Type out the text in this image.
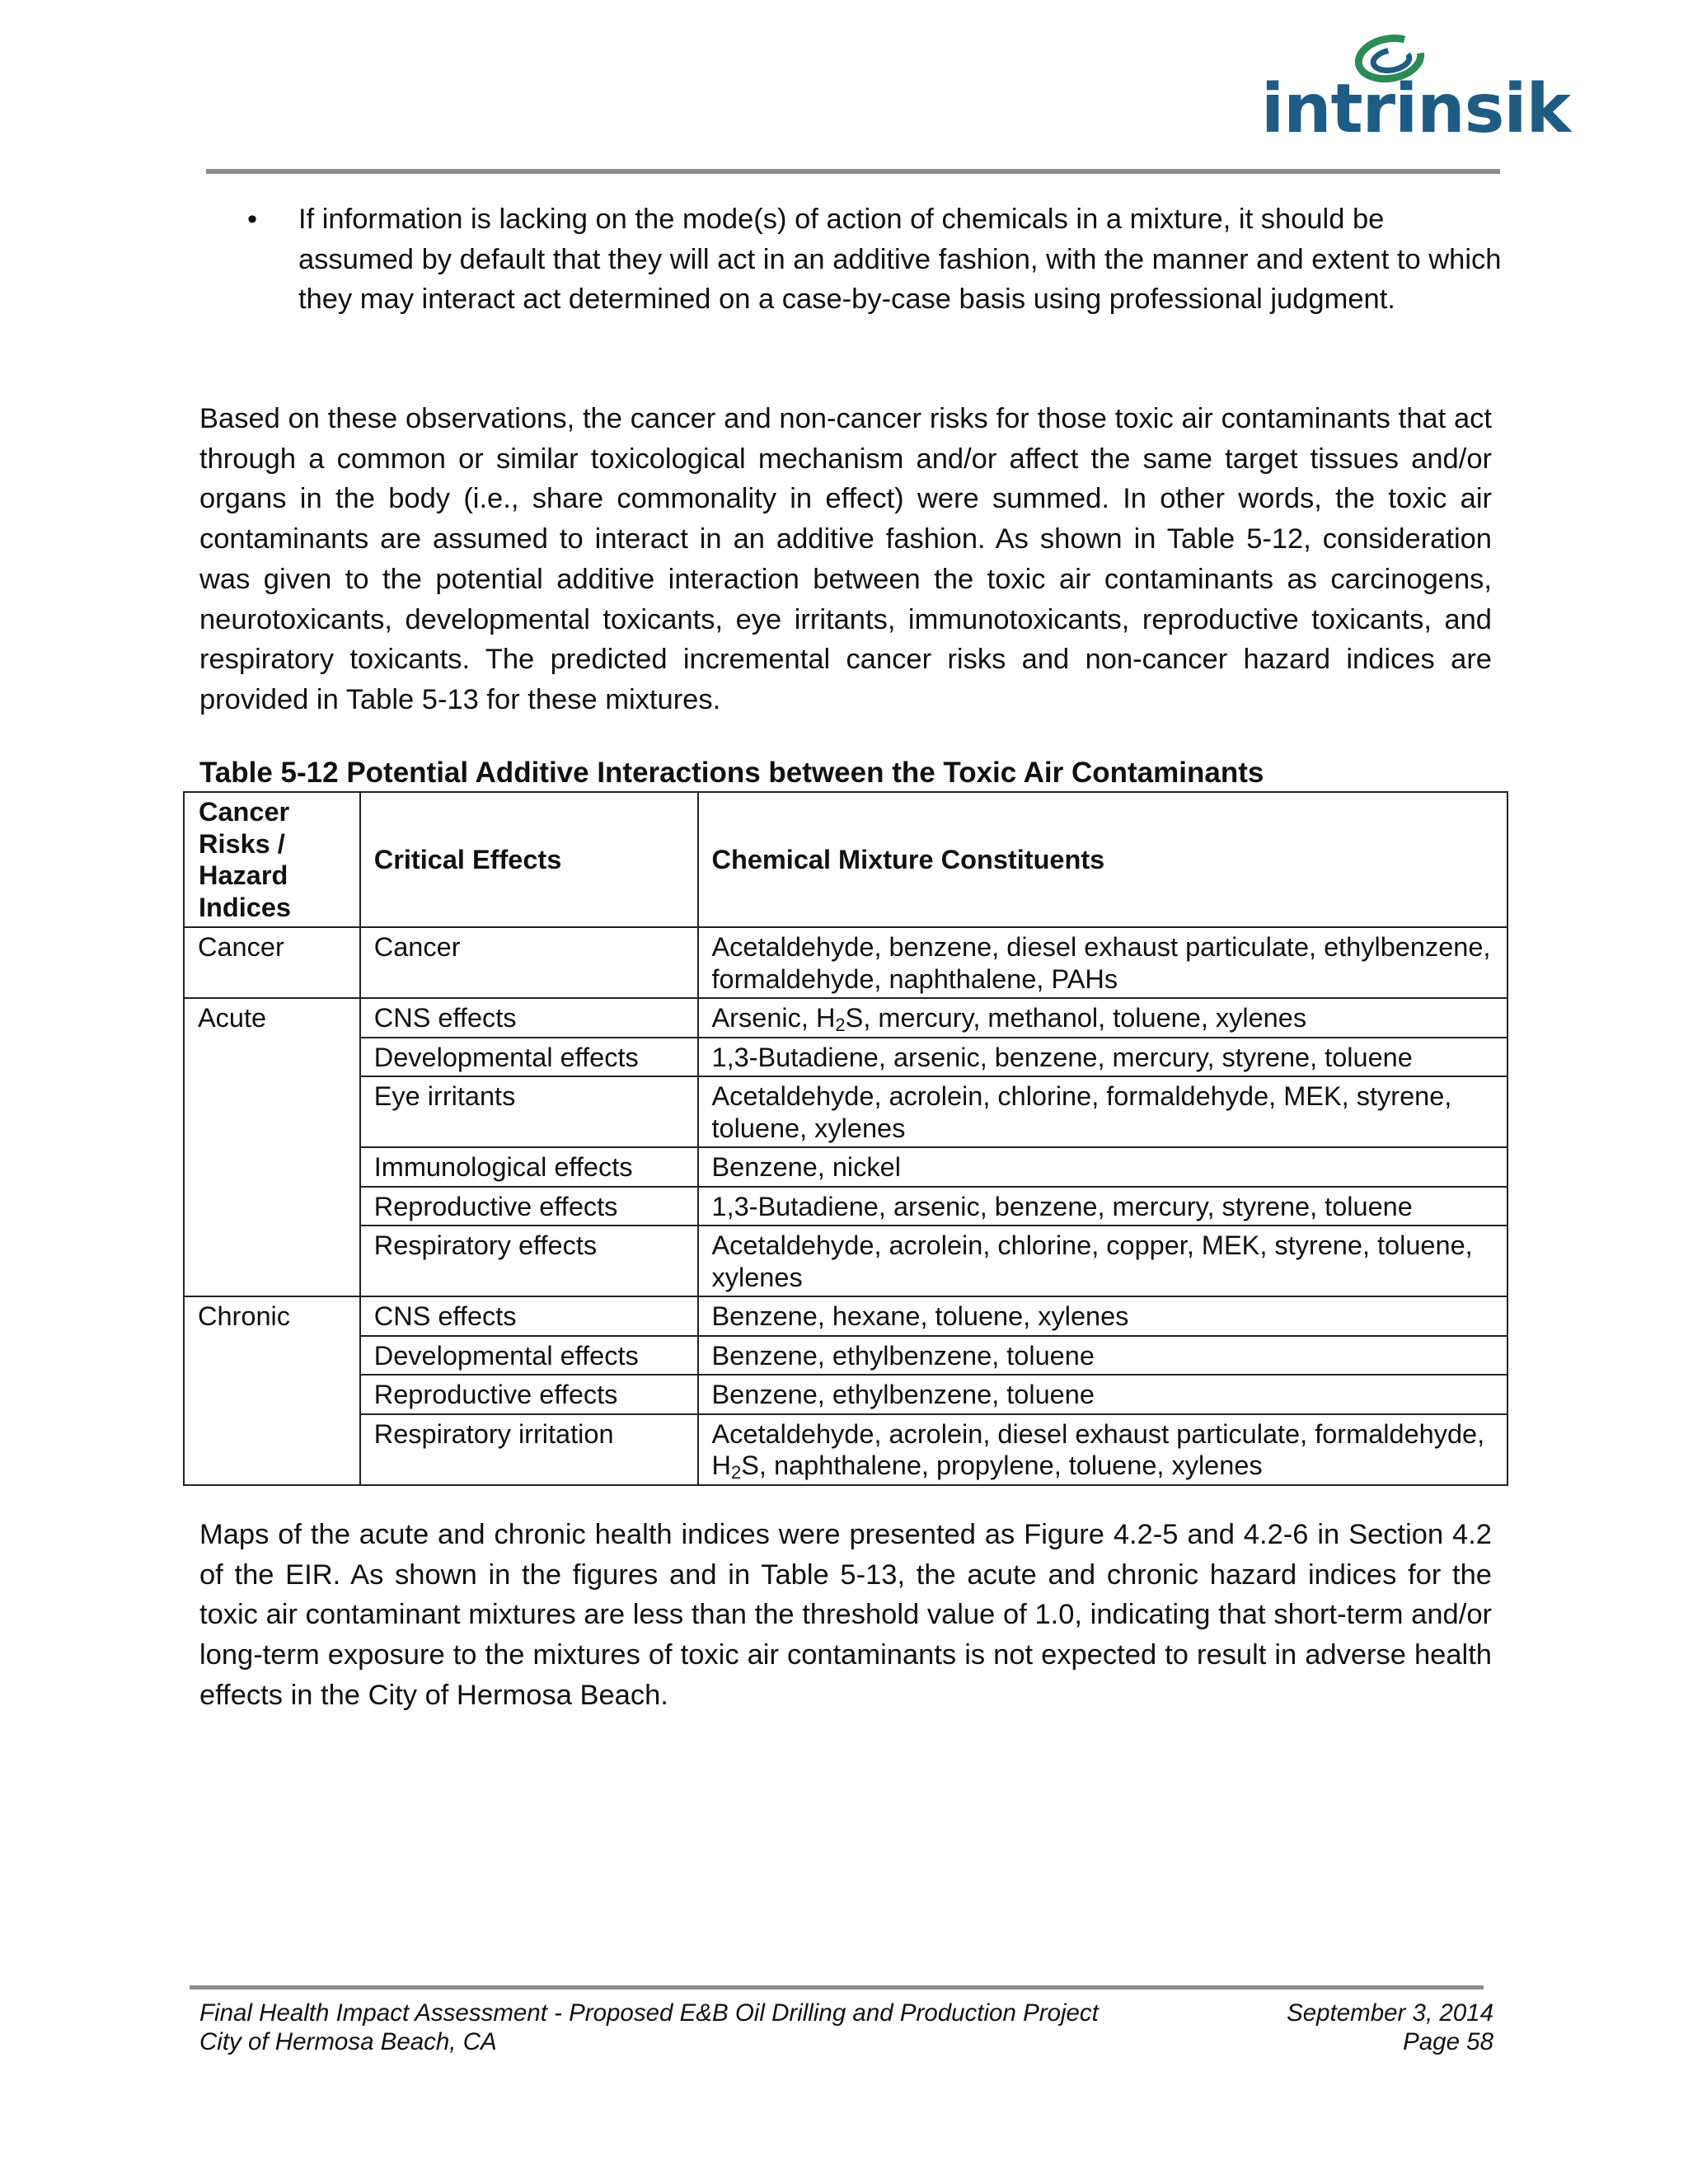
intrinsik
• If information is lacking on the mode(s) of action of chemicals in a mixture, it should be assumed by default that they will act in an additive fashion, with the manner and extent to which they may interact act determined on a case-by-case basis using professional judgment.
Based on these observations, the cancer and non-cancer risks for those toxic air contaminants that act through a common or similar toxicological mechanism and/or affect the same target tissues and/or organs in the body (i.e., share commonality in effect) were summed. In other words, the toxic air contaminants are assumed to interact in an additive fashion. As shown in Table 5-12, consideration was given to the potential additive interaction between the toxic air contaminants as carcinogens, neurotoxicants, developmental toxicants, eye irritants, immunotoxicants, reproductive toxicants, and respiratory toxicants. The predicted incremental cancer risks and non-cancer hazard indices are provided in Table 5-13 for these mixtures.
Table 5-12 Potential Additive Interactions between the Toxic Air Contaminants
Cancer Risks / Hazard Indices	Critical Effects	Chemical Mixture Constituents
Cancer	Cancer	Acetaldehyde, benzene, diesel exhaust particulate, ethylbenzene, formaldehyde, naphthalene, PAHs
Acute	CNS effects	Arsenic, $H_2S$, mercury, methanol, toluene, xylenes
	Developmental effects	1,3-Butadiene, arsenic, benzene, mercury, styrene, toluene
	Eye irritants	Acetaldehyde, acrolein, chlorine, formaldehyde, MEK, styrene, toluene, xylenes
	Immunological effects	Benzene, nickel
	Reproductive effects	1,3-Butadiene, arsenic, benzene, mercury, styrene, toluene
	Respiratory effects	Acetaldehyde, acrolein, chlorine, copper, MEK, styrene, toluene, xylenes
Chronic	CNS effects	Benzene, hexane, toluene, xylenes
	Developmental effects	Benzene, ethylbenzene, toluene
	Reproductive effects	Benzene, ethylbenzene, toluene
	Respiratory irritation	Acetaldehyde, acrolein, diesel exhaust particulate, formaldehyde, $H_2S$, naphthalene, propylene, toluene, xylenes
Maps of the acute and chronic health indices were presented as Figure 4.2-5 and 4.2-6 in Section 4.2 of the EIR. As shown in the figures and in Table 5-13, the acute and chronic hazard indices for the toxic air contaminant mixtures are less than the threshold value of 1.0, indicating that short-term and/or long-term exposure to the mixtures of toxic air contaminants is not expected to result in adverse health effects in the City of Hermosa Beach.
Final Health Impact Assessment - Proposed E&B Oil Drilling and Production Project
City of Hermosa Beach, CA
September 3, 2014
Page 58
